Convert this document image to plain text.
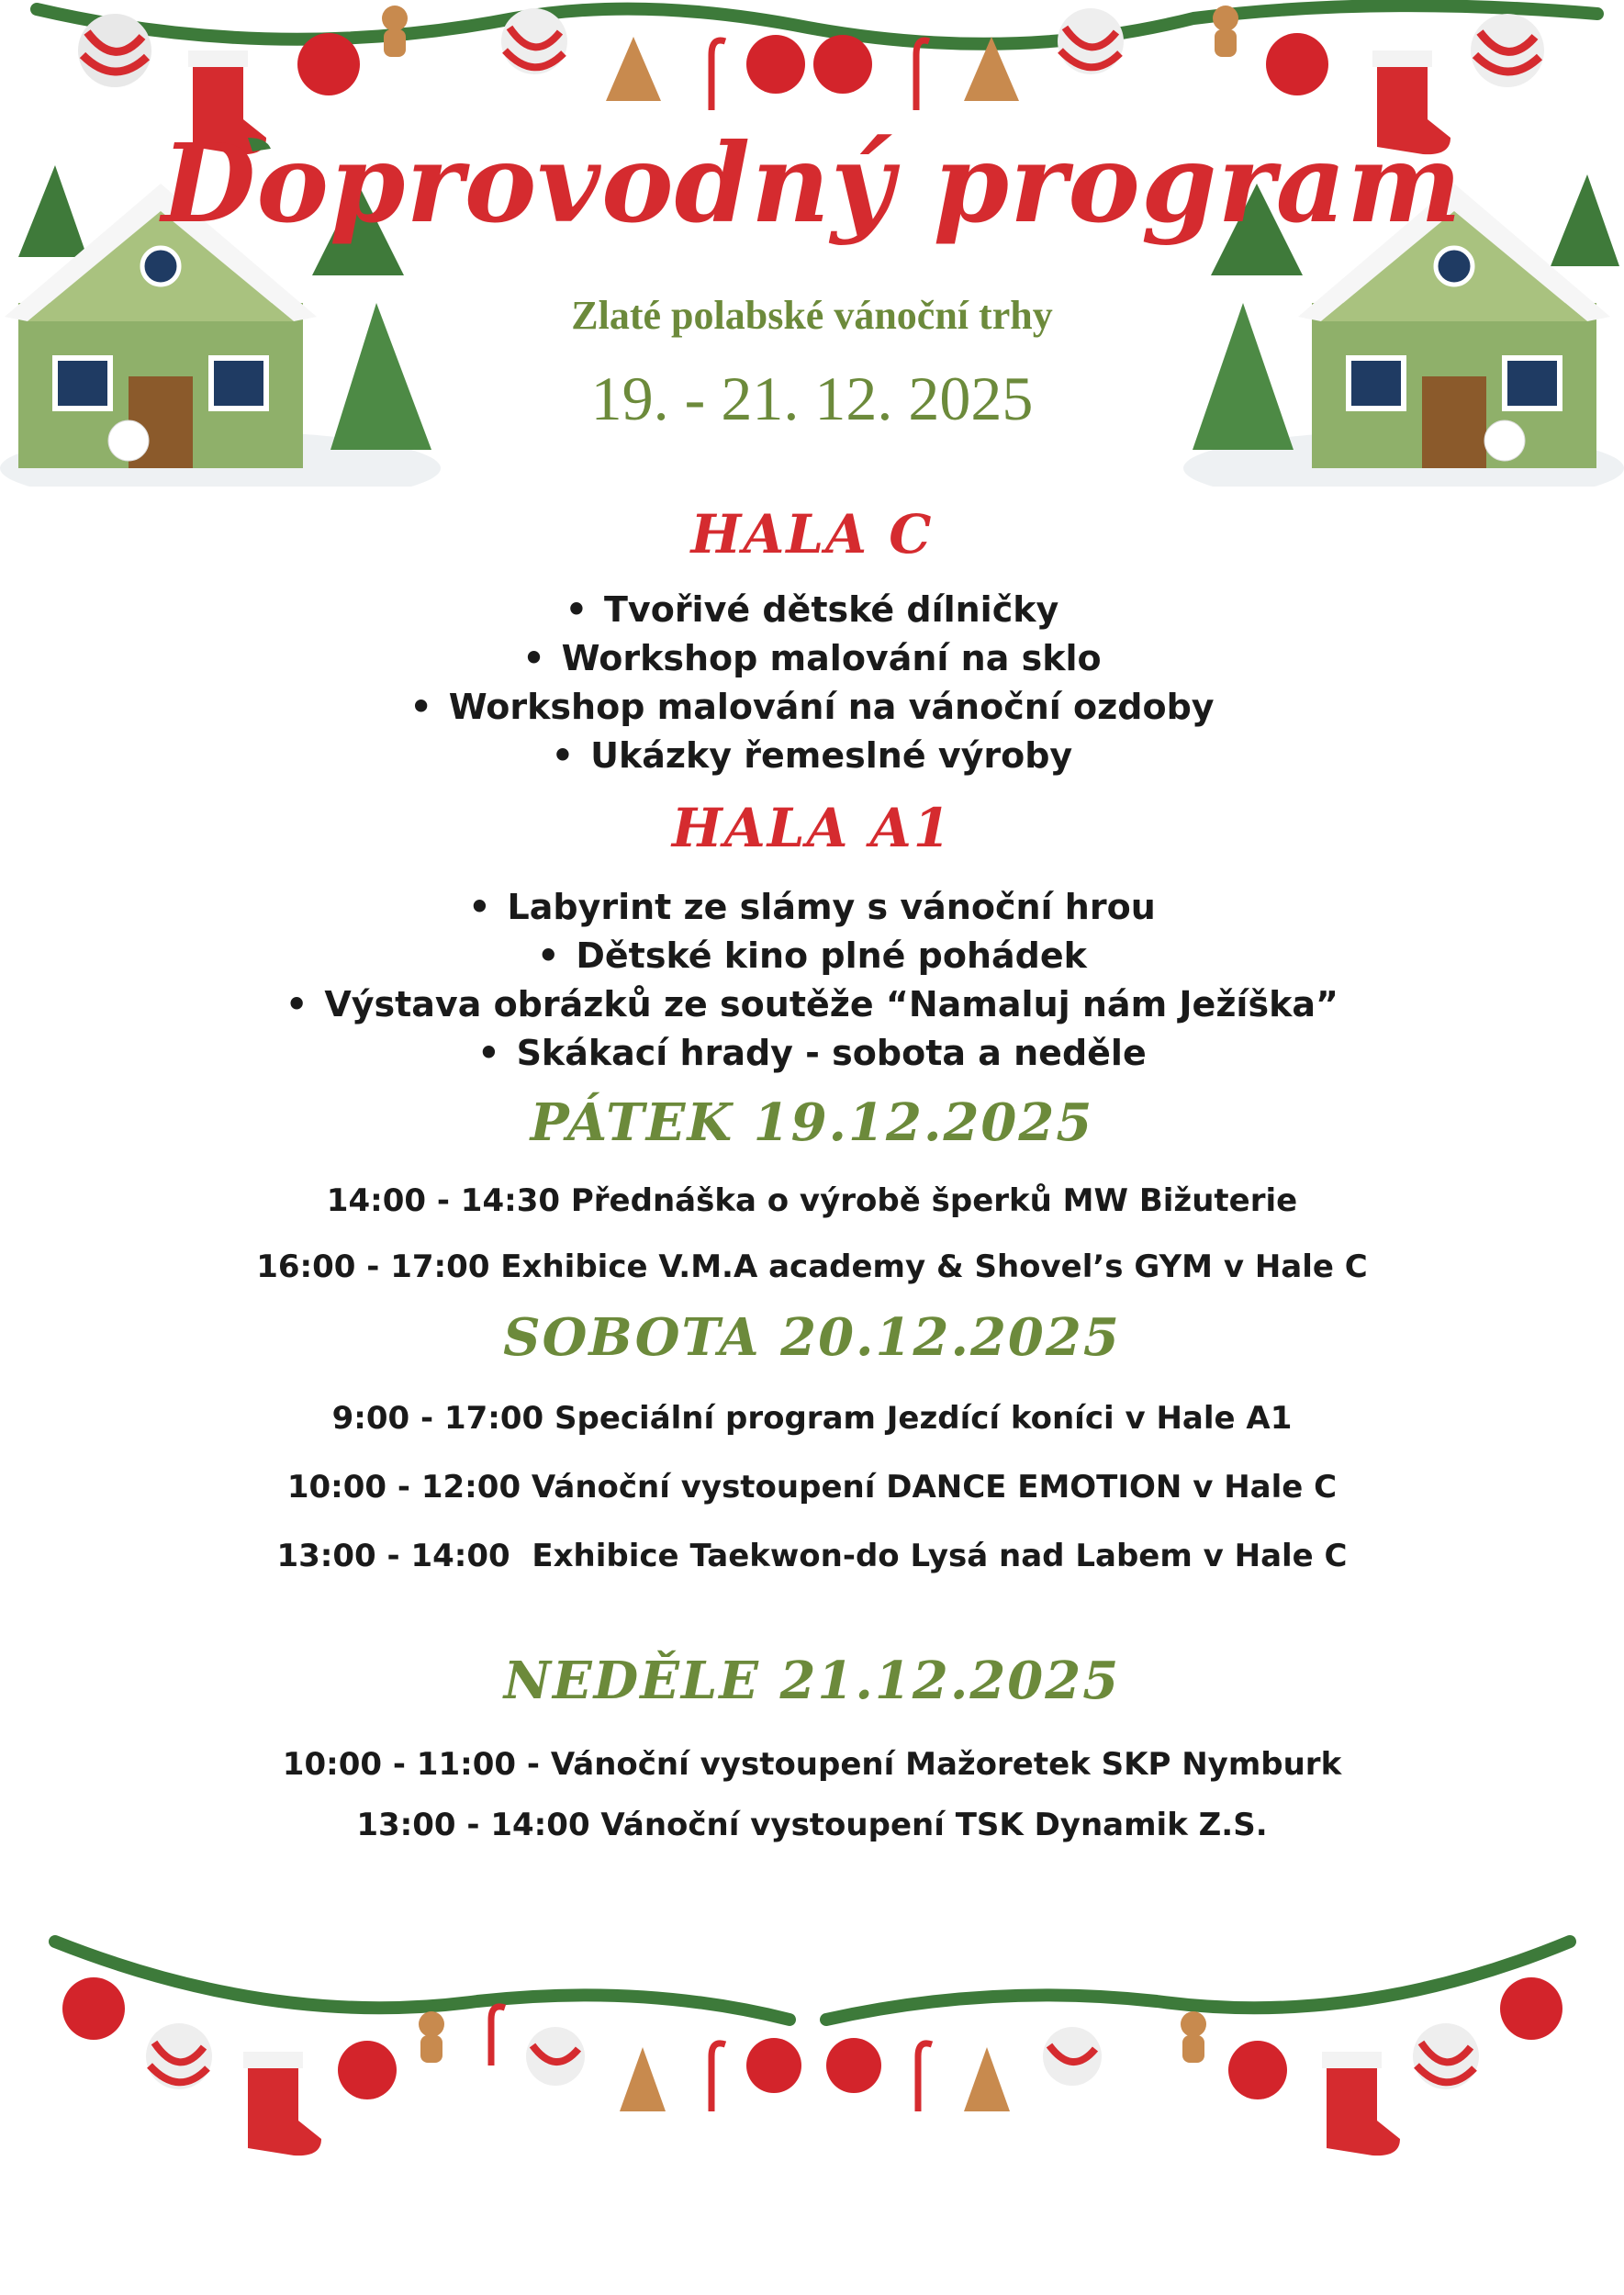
Doprovodný program
Zlaté polabské vánoční trhy
19. - 21. 12. 2025
HALA C
• Tvořivé dětské dílničky
• Workshop malování na sklo
• Workshop malování na vánoční ozdoby
• Ukázky řemeslné výroby
HALA A1
• Labyrint ze slámy s vánoční hrou
• Dětské kino plné pohádek
• Výstava obrázků ze soutěže “Namaluj nám Ježíška”
• Skákací hrady - sobota a neděle
PÁTEK 19.12.2025
14:00 - 14:30 Přednáška o výrobě šperků MW Bižuterie
16:00 - 17:00 Exhibice V.M.A academy & Shovel’s GYM v Hale C
SOBOTA 20.12.2025
9:00 - 17:00 Speciální program Jezdící koníci v Hale A1
10:00 - 12:00 Vánoční vystoupení DANCE EMOTION v Hale C
13:00 - 14:00  Exhibice Taekwon-do Lysá nad Labem v Hale C
NEDĚLE 21.12.2025
10:00 - 11:00 - Vánoční vystoupení Mažoretek SKP Nymburk
13:00 - 14:00 Vánoční vystoupení TSK Dynamik Z.S.
